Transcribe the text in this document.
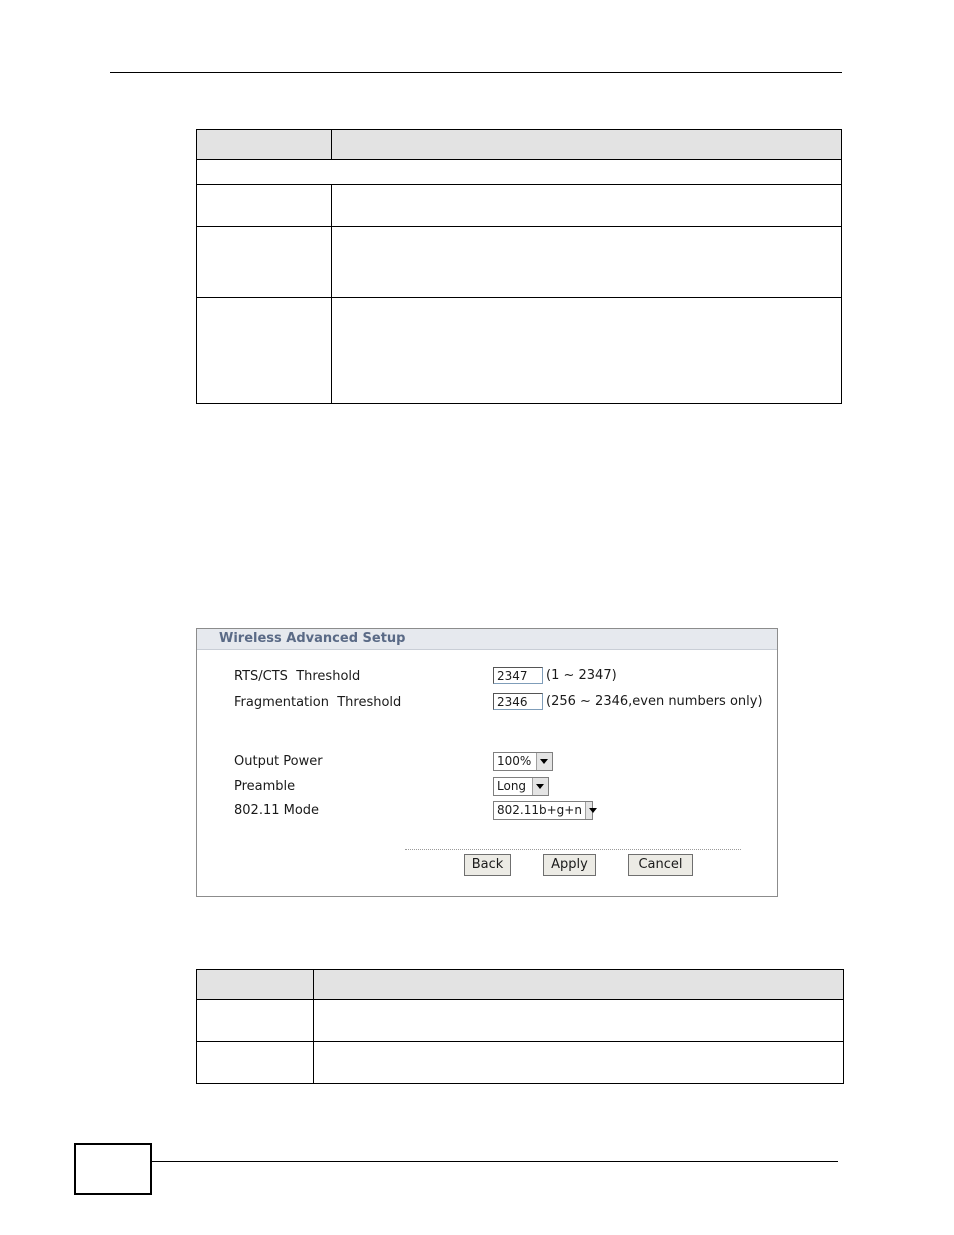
Wireless Advanced Setup
RTS/CTS  Threshold	2347	(1 ~ 2347)
Fragmentation  Threshold	2346	(256 ~ 2346,even numbers only)
Output Power	100%
Preamble	Long
802.11 Mode	802.11b+g+n
Back	Apply	Cancel
